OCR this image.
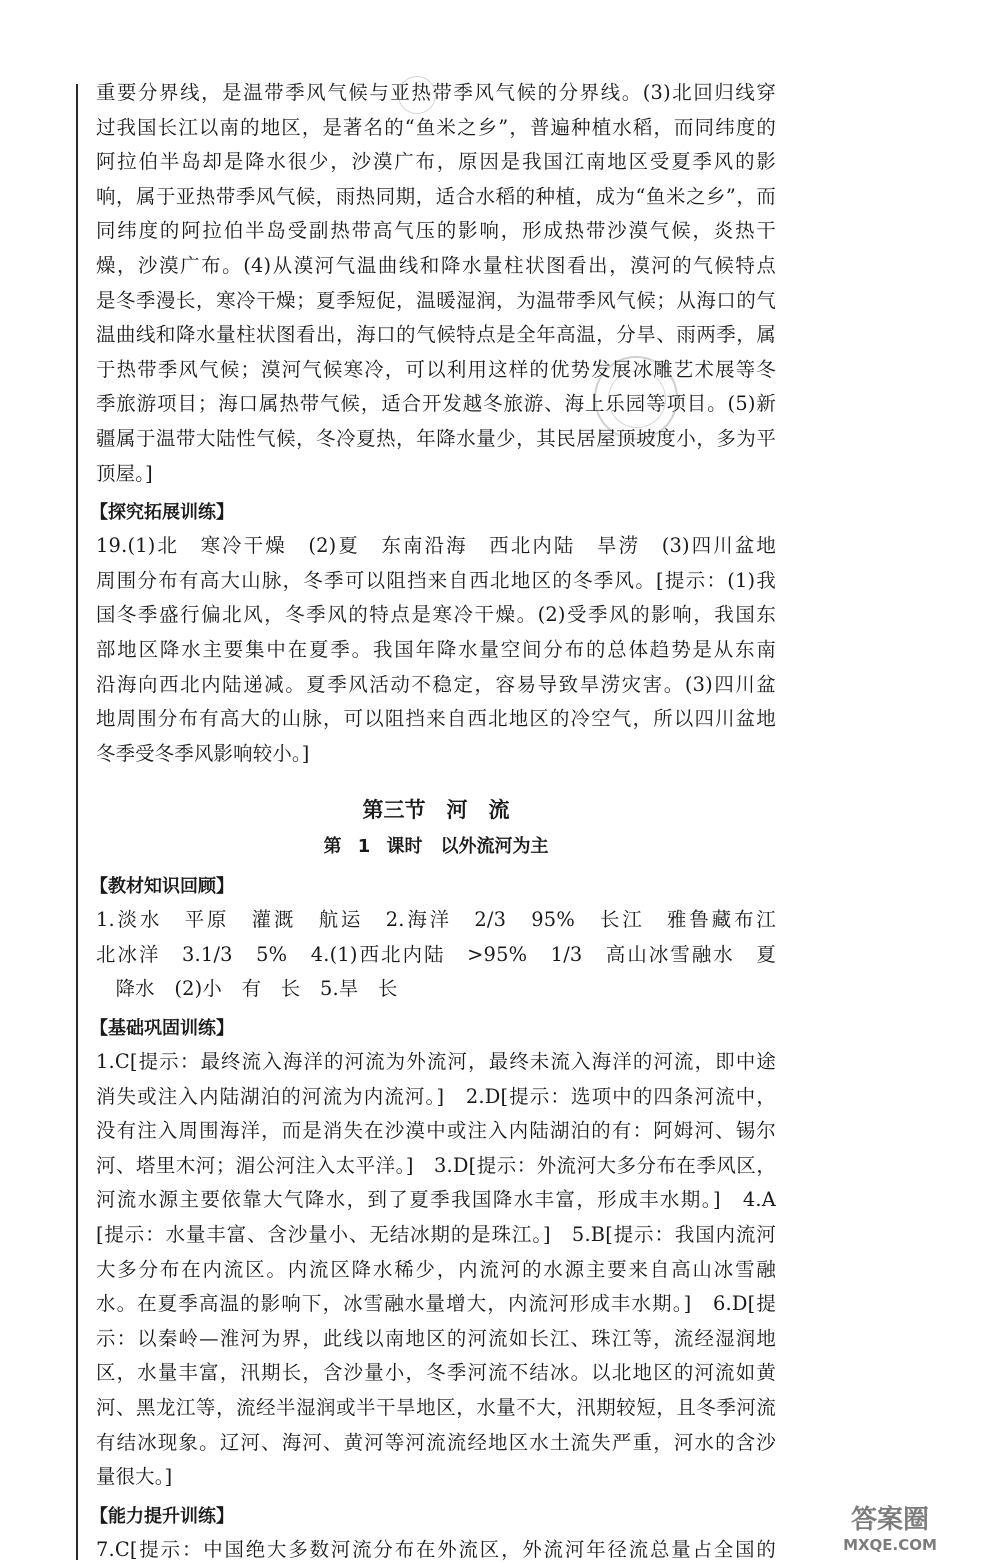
重要分界线，是温带季风气候与亚热带季风气候的分界线。(3)北回归线穿
过我国长江以南的地区，是著名的“鱼米之乡”，普遍种植水稻，而同纬度的
阿拉伯半岛却是降水很少，沙漠广布，原因是我国江南地区受夏季风的影
响，属于亚热带季风气候，雨热同期，适合水稻的种植，成为“鱼米之乡”，而
同纬度的阿拉伯半岛受副热带高气压的影响，形成热带沙漠气候，炎热干
燥，沙漠广布。(4)从漠河气温曲线和降水量柱状图看出，漠河的气候特点
是冬季漫长，寒冷干燥；夏季短促，温暖湿润，为温带季风气候；从海口的气
温曲线和降水量柱状图看出，海口的气候特点是全年高温，分旱、雨两季，属
于热带季风气候；漠河气候寒冷，可以利用这样的优势发展冰雕艺术展等冬
季旅游项目；海口属热带气候，适合开发越冬旅游、海上乐园等项目。(5)新
疆属于温带大陆性气候，冬冷夏热，年降水量少，其民居屋顶坡度小，多为平
顶屋。]
【探究拓展训练】
19.(1)北　寒冷干燥　(2)夏　东南沿海　西北内陆　旱涝　(3)四川盆地
周围分布有高大山脉，冬季可以阻挡来自西北地区的冬季风。[提示：(1)我
国冬季盛行偏北风，冬季风的特点是寒冷干燥。(2)受季风的影响，我国东
部地区降水主要集中在夏季。我国年降水量空间分布的总体趋势是从东南
沿海向西北内陆递减。夏季风活动不稳定，容易导致旱涝灾害。(3)四川盆
地周围分布有高大的山脉，可以阻挡来自西北地区的冷空气，所以四川盆地
冬季受冬季风影响较小。]
第三节　河　流
第 1 课时　以外流河为主
【教材知识回顾】
1.淡水　平原　灌溉　航运　2.海洋　2/3　95%　长江　雅鲁藏布江
北冰洋　3.1/3　5%　4.(1)西北内陆　>95%　1/3　高山冰雪融水　夏
　降水　(2)小　有　长　5.旱　长
【基础巩固训练】
1.C[提示：最终流入海洋的河流为外流河，最终未流入海洋的河流，即中途
消失或注入内陆湖泊的河流为内流河。]　2.D[提示：选项中的四条河流中，
没有注入周围海洋，而是消失在沙漠中或注入内陆湖泊的有：阿姆河、锡尔
河、塔里木河；湄公河注入太平洋。]　3.D[提示：外流河大多分布在季风区，
河流水源主要依靠大气降水，到了夏季我国降水丰富，形成丰水期。]　4.A
[提示：水量丰富、含沙量小、无结冰期的是珠江。]　5.B[提示：我国内流河
大多分布在内流区。内流区降水稀少，内流河的水源主要来自高山冰雪融
水。在夏季高温的影响下，冰雪融水量增大，内流河形成丰水期。]　6.D[提
示：以秦岭—淮河为界，此线以南地区的河流如长江、珠江等，流经湿润地
区，水量丰富，汛期长，含沙量小，冬季河流不结冰。以北地区的河流如黄
河、黑龙江等，流经半湿润或半干旱地区，水量不大，汛期较短，且冬季河流
有结冰现象。辽河、海河、黄河等河流流经地区水土流失严重，河水的含沙
量很大。]
【能力提升训练】
7.C[提示：中国绝大多数河流分布在外流区，外流河年径流总量占全国的
答案圈
MXQE.COM
